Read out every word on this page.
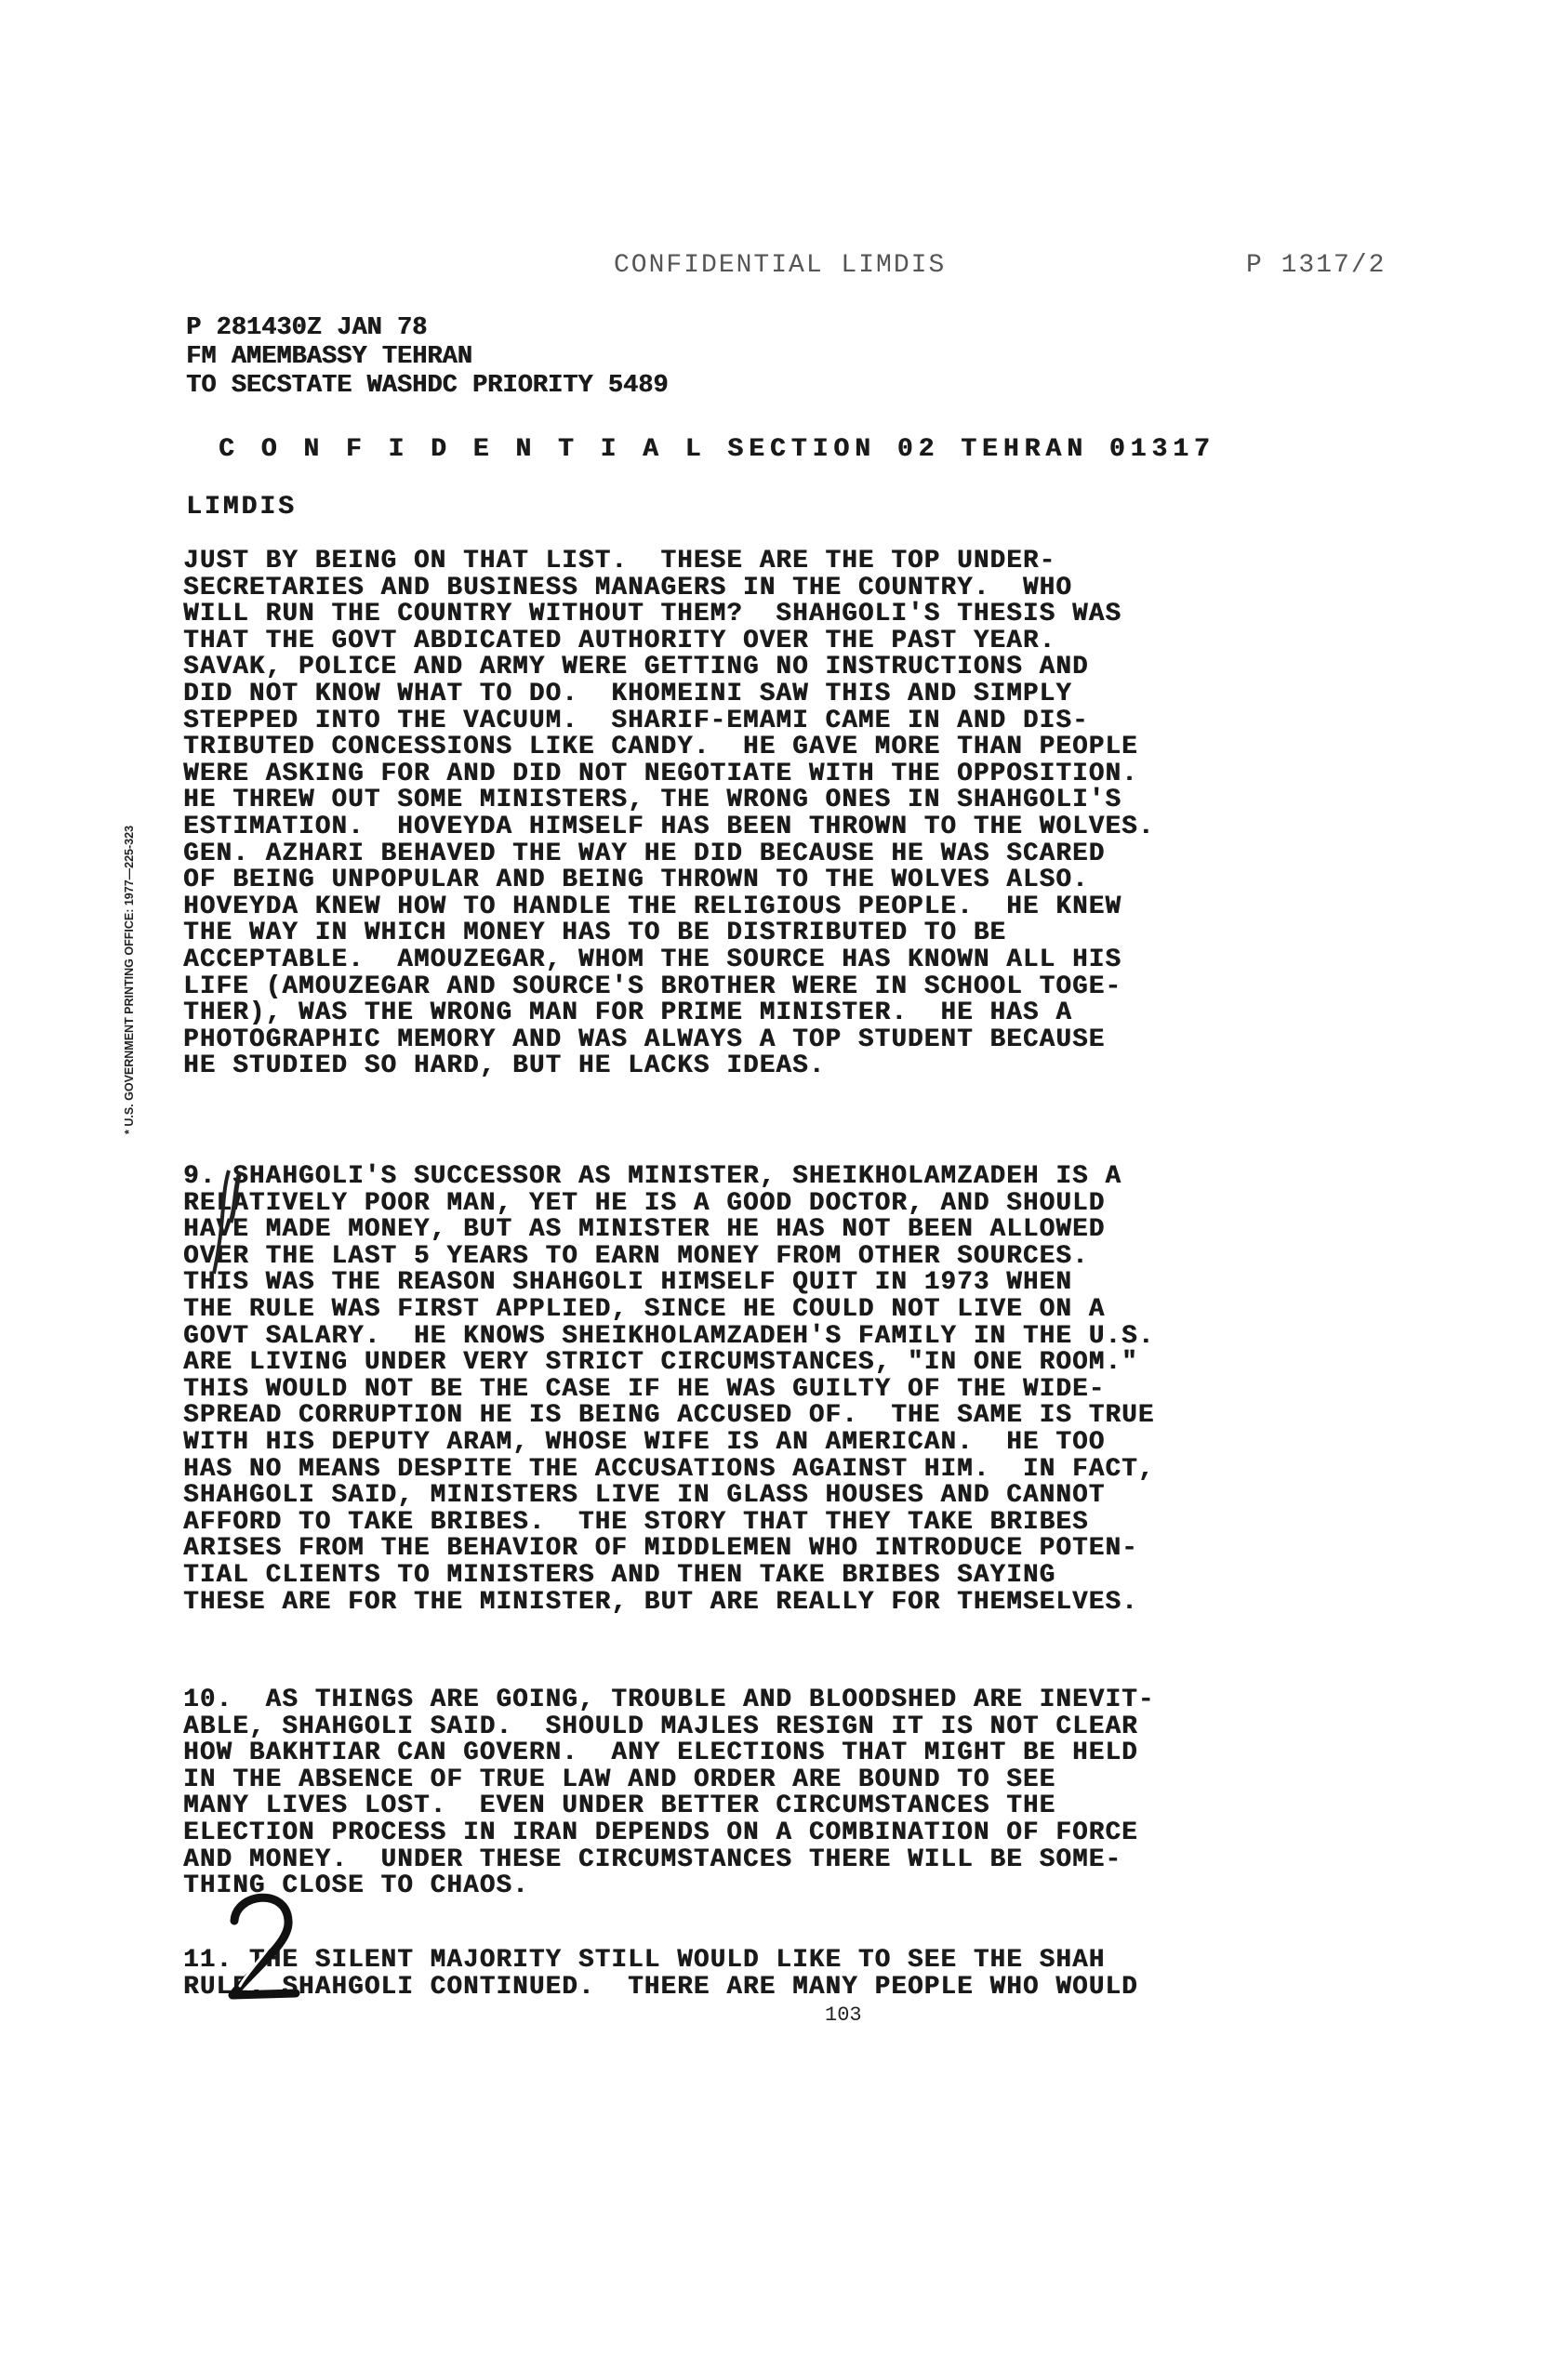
CONFIDENTIAL LIMDIS	P 1317/2
* U.S. GOVERNMENT PRINTING OFFICE: 1977—225-323
P 281430Z JAN 78
FM AMEMBASSY TEHRAN
TO SECSTATE WASHDC PRIORITY 5489
C O N F I D E N T I A L SECTION 02 TEHRAN 01317
LIMDIS
JUST BY BEING ON THAT LIST.  THESE ARE THE TOP UNDER-
SECRETARIES AND BUSINESS MANAGERS IN THE COUNTRY.  WHO
WILL RUN THE COUNTRY WITHOUT THEM?  SHAHGOLI'S THESIS WAS
THAT THE GOVT ABDICATED AUTHORITY OVER THE PAST YEAR.
SAVAK, POLICE AND ARMY WERE GETTING NO INSTRUCTIONS AND
DID NOT KNOW WHAT TO DO.  KHOMEINI SAW THIS AND SIMPLY
STEPPED INTO THE VACUUM.  SHARIF-EMAMI CAME IN AND DIS-
TRIBUTED CONCESSIONS LIKE CANDY.  HE GAVE MORE THAN PEOPLE
WERE ASKING FOR AND DID NOT NEGOTIATE WITH THE OPPOSITION.
HE THREW OUT SOME MINISTERS, THE WRONG ONES IN SHAHGOLI'S
ESTIMATION.  HOVEYDA HIMSELF HAS BEEN THROWN TO THE WOLVES.
GEN. AZHARI BEHAVED THE WAY HE DID BECAUSE HE WAS SCARED
OF BEING UNPOPULAR AND BEING THROWN TO THE WOLVES ALSO.
HOVEYDA KNEW HOW TO HANDLE THE RELIGIOUS PEOPLE.  HE KNEW
THE WAY IN WHICH MONEY HAS TO BE DISTRIBUTED TO BE
ACCEPTABLE.  AMOUZEGAR, WHOM THE SOURCE HAS KNOWN ALL HIS
LIFE (AMOUZEGAR AND SOURCE'S BROTHER WERE IN SCHOOL TOGE-
THER), WAS THE WRONG MAN FOR PRIME MINISTER.  HE HAS A
PHOTOGRAPHIC MEMORY AND WAS ALWAYS A TOP STUDENT BECAUSE
HE STUDIED SO HARD, BUT HE LACKS IDEAS.
9. SHAHGOLI'S SUCCESSOR AS MINISTER, SHEIKHOLAMZADEH IS A
RELATIVELY POOR MAN, YET HE IS A GOOD DOCTOR, AND SHOULD
HAVE MADE MONEY, BUT AS MINISTER HE HAS NOT BEEN ALLOWED
OVER THE LAST 5 YEARS TO EARN MONEY FROM OTHER SOURCES.
THIS WAS THE REASON SHAHGOLI HIMSELF QUIT IN 1973 WHEN
THE RULE WAS FIRST APPLIED, SINCE HE COULD NOT LIVE ON A
GOVT SALARY.  HE KNOWS SHEIKHOLAMZADEH'S FAMILY IN THE U.S.
ARE LIVING UNDER VERY STRICT CIRCUMSTANCES, "IN ONE ROOM."
THIS WOULD NOT BE THE CASE IF HE WAS GUILTY OF THE WIDE-
SPREAD CORRUPTION HE IS BEING ACCUSED OF.  THE SAME IS TRUE
WITH HIS DEPUTY ARAM, WHOSE WIFE IS AN AMERICAN.  HE TOO
HAS NO MEANS DESPITE THE ACCUSATIONS AGAINST HIM.  IN FACT,
SHAHGOLI SAID, MINISTERS LIVE IN GLASS HOUSES AND CANNOT
AFFORD TO TAKE BRIBES.  THE STORY THAT THEY TAKE BRIBES
ARISES FROM THE BEHAVIOR OF MIDDLEMEN WHO INTRODUCE POTEN-
TIAL CLIENTS TO MINISTERS AND THEN TAKE BRIBES SAYING
THESE ARE FOR THE MINISTER, BUT ARE REALLY FOR THEMSELVES.
10.  AS THINGS ARE GOING, TROUBLE AND BLOODSHED ARE INEVIT-
ABLE, SHAHGOLI SAID.  SHOULD MAJLES RESIGN IT IS NOT CLEAR
HOW BAKHTIAR CAN GOVERN.  ANY ELECTIONS THAT MIGHT BE HELD
IN THE ABSENCE OF TRUE LAW AND ORDER ARE BOUND TO SEE
MANY LIVES LOST.  EVEN UNDER BETTER CIRCUMSTANCES THE
ELECTION PROCESS IN IRAN DEPENDS ON A COMBINATION OF FORCE
AND MONEY.  UNDER THESE CIRCUMSTANCES THERE WILL BE SOME-
THING CLOSE TO CHAOS.
11. THE SILENT MAJORITY STILL WOULD LIKE TO SEE THE SHAH
RULE, SHAHGOLI CONTINUED.  THERE ARE MANY PEOPLE WHO WOULD
103
